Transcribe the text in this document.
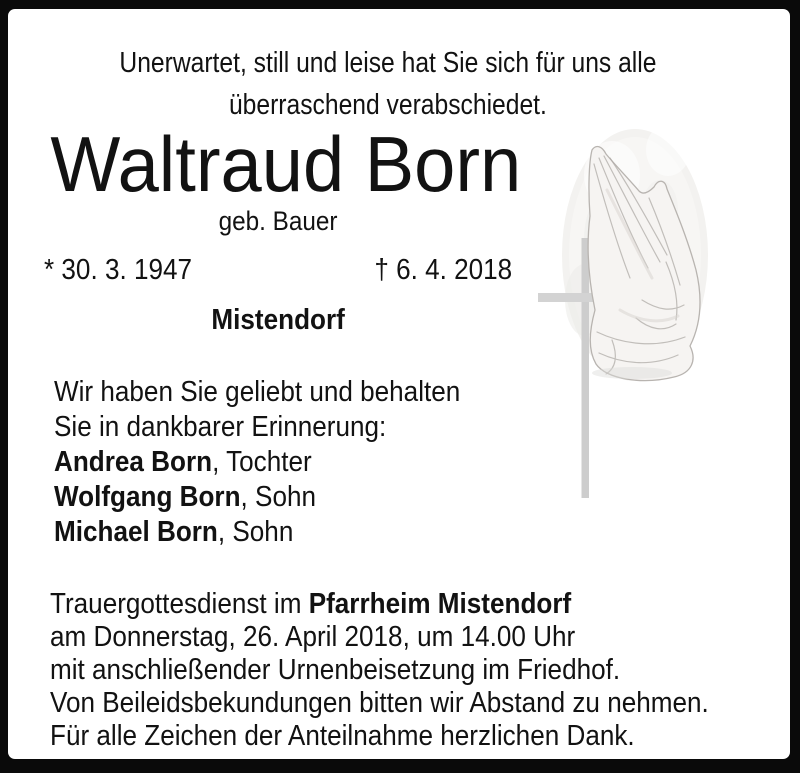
Unerwartet, still und leise hat Sie sich für uns alle
überraschend verabschiedet.
Waltraud Born
geb. Bauer
* 30. 3. 1947	† 6. 4. 2018
Mistendorf
Wir haben Sie geliebt und behalten
Sie in dankbarer Erinnerung:
Andrea Born, Tochter
Wolfgang Born, Sohn
Michael Born, Sohn
Trauergottesdienst im Pfarrheim Mistendorf
am Donnerstag, 26. April 2018, um 14.00 Uhr
mit anschließender Urnenbeisetzung im Friedhof.
Von Beileidsbekundungen bitten wir Abstand zu nehmen.
Für alle Zeichen der Anteilnahme herzlichen Dank.
